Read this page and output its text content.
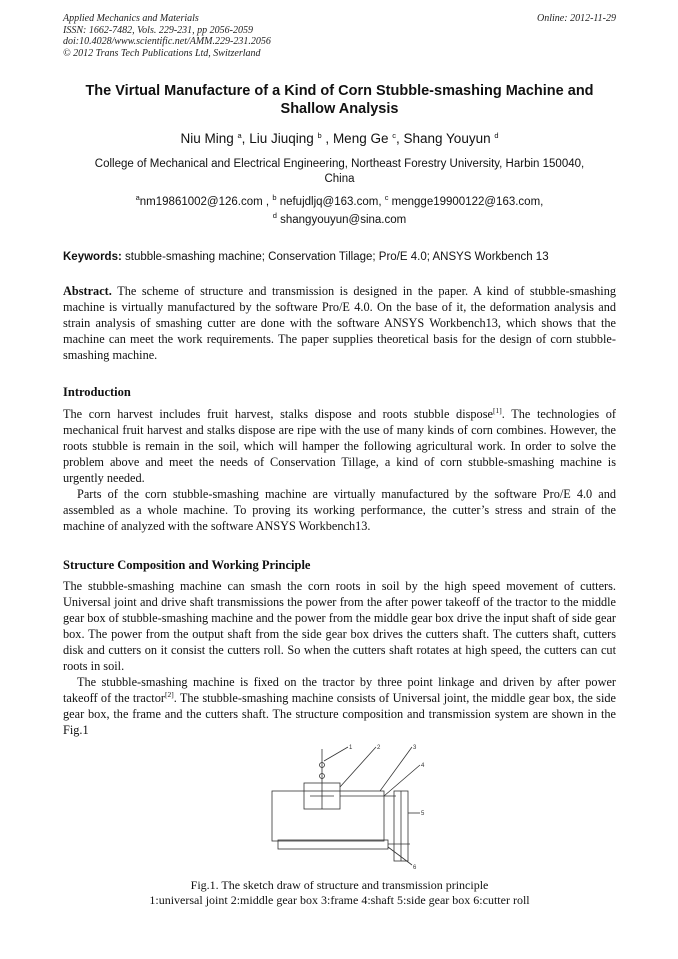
Applied Mechanics and Materials
ISSN: 1662-7482, Vols. 229-231, pp 2056-2059
doi:10.4028/www.scientific.net/AMM.229-231.2056
© 2012 Trans Tech Publications Ltd, Switzerland
Online: 2012-11-29
The Virtual Manufacture of a Kind of Corn Stubble-smashing Machine and Shallow Analysis
Niu Ming $^a$, Liu Jiuqing $^b$ , Meng Ge $^c$, Shang Youyun $^d$
College of Mechanical and Electrical Engineering, Northeast Forestry University, Harbin 150040,
China
$^a$nm19861002@126.com , $^b$ nefujdljq@163.com, $^c$ mengge19900122@163.com,
$^d$ shangyouyun@sina.com
Keywords: stubble-smashing machine; Conservation Tillage; Pro/E 4.0; ANSYS Workbench 13

Abstract. The scheme of structure and transmission is designed in the paper. A kind of stubble-smashing machine is virtually manufactured by the software Pro/E 4.0. On the base of it, the deformation analysis and strain analysis of smashing cutter are done with the software ANSYS Workbench13, which shows that the machine can meet the work requirements. The paper supplies theoretical basis for the design of corn stubble-smashing machine.

Introduction

The corn harvest includes fruit harvest, stalks dispose and roots stubble dispose[1]. The technologies of mechanical fruit harvest and stalks dispose are ripe with the use of many kinds of corn combines. However, the roots stubble is remain in the soil, which will hamper the following agricultural work. In order to solve the problem above and meet the needs of Conservation Tillage, a kind of corn stubble-smashing machine is urgently needed.

Parts of the corn stubble-smashing machine are virtually manufactured by the software Pro/E 4.0 and assembled as a whole machine. To proving its working performance, the cutter’s stress and strain of the machine of analyzed with the software ANSYS Workbench13.

Structure Composition and Working Principle

The stubble-smashing machine can smash the corn roots in soil by the high speed movement of cutters. Universal joint and drive shaft transmissions the power from the after power takeoff of the tractor to the middle gear box of stubble-smashing machine and the power from the middle gear box drive the input shaft of side gear box. The power from the output shaft from the side gear box drives the cutters shaft. The cutters shaft, cutters disk and cutters on it consist the cutters roll. So when the cutters shaft rotates at high speed, the cutters can cut roots in soil.

The stubble-smashing machine is fixed on the tractor by three point linkage and driven by after power takeoff of the tractor[2]. The stubble-smashing machine consists of Universal joint, the middle gear box, the side gear box, the frame and the cutters shaft. The structure composition and transmission system are shown in the Fig.1

1	2	3
4
5
6
Fig.1. The sketch draw of structure and transmission principle
1:universal joint 2:middle gear box 3:frame 4:shaft 5:side gear box 6:cutter roll
